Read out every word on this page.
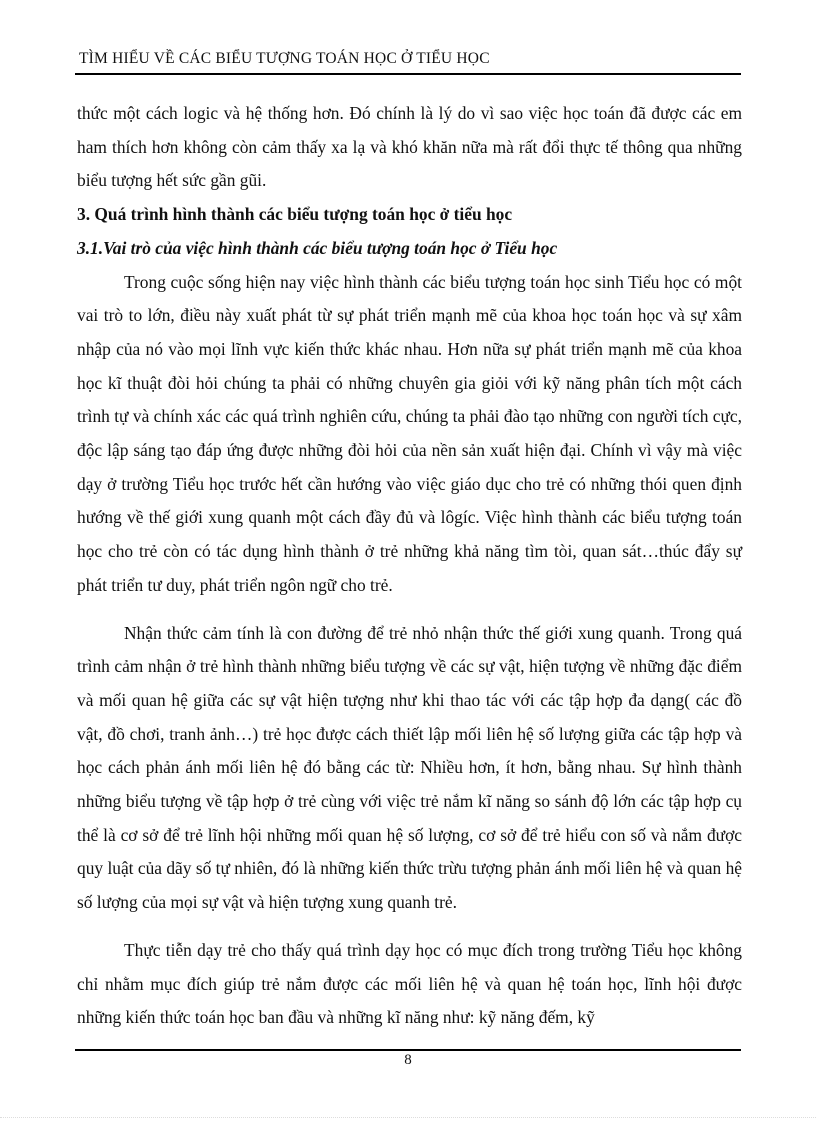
TÌM HIỂU VỀ CÁC BIỂU TƯỢNG TOÁN HỌC Ở TIỂU HỌC

thức một cách logic và hệ thống hơn. Đó chính là lý do vì sao việc học toán đã được các em ham thích hơn không còn cảm thấy xa lạ và khó khăn nữa mà rất đổi thực tế thông qua những biểu tượng hết sức gần gũi.

3. Quá trình hình thành các biểu tượng toán học ở tiểu học

3.1.Vai trò của việc hình thành các biểu tượng toán học ở Tiểu học

Trong cuộc sống hiện nay việc hình thành các biểu tượng toán học sinh Tiểu học có một vai trò to lớn, điều này xuất phát từ sự phát triển mạnh mẽ của khoa học toán học và sự xâm nhập của nó vào mọi lĩnh vực kiến thức khác nhau. Hơn nữa sự phát triển mạnh mẽ của khoa học kĩ thuật đòi hỏi chúng ta phải có những chuyên gia giỏi với kỹ năng phân tích một cách trình tự và chính xác các quá trình nghiên cứu, chúng ta phải đào tạo những con người tích cực, độc lập sáng tạo đáp ứng được những đòi hỏi của nền sản xuất hiện đại. Chính vì vậy mà việc dạy ở trường Tiểu học trước hết cần hướng vào việc giáo dục cho trẻ có những thói quen định hướng về thế giới xung quanh một cách đầy đủ và lôgíc. Việc hình thành các biểu tượng toán học cho trẻ còn có tác dụng hình thành ở trẻ những khả năng tìm tòi, quan sát…thúc đẩy sự phát triển tư duy, phát triển ngôn ngữ cho trẻ.

Nhận thức cảm tính là con đường để trẻ nhỏ nhận thức thế giới xung quanh. Trong quá trình cảm nhận ở trẻ hình thành những biểu tượng về các sự vật, hiện tượng về những đặc điểm và mối quan hệ giữa các sự vật hiện tượng như khi thao tác với các tập hợp đa dạng( các đồ vật, đồ chơi, tranh ảnh…) trẻ học được cách thiết lập mối liên hệ số lượng giữa các tập hợp và học cách phản ánh mối liên hệ đó bằng các từ: Nhiều hơn, ít hơn, bằng nhau. Sự hình thành những biểu tượng về tập hợp ở trẻ cùng với việc trẻ nắm kĩ năng so sánh độ lớn các tập hợp cụ thể là cơ sở để trẻ lĩnh hội những mối quan hệ số lượng, cơ sở để trẻ hiểu con số và nắm được quy luật của dãy số tự nhiên, đó là những kiến thức trừu tượng phản ánh mối liên hệ và quan hệ số lượng của mọi sự vật và hiện tượng xung quanh trẻ.

Thực tiễn dạy trẻ cho thấy quá trình dạy học có mục đích trong trường Tiểu học không chỉ nhằm mục đích giúp trẻ nắm được các mối liên hệ và quan hệ toán học, lĩnh hội được những kiến thức toán học ban đầu và những kĩ năng như: kỹ năng đếm, kỹ

8
